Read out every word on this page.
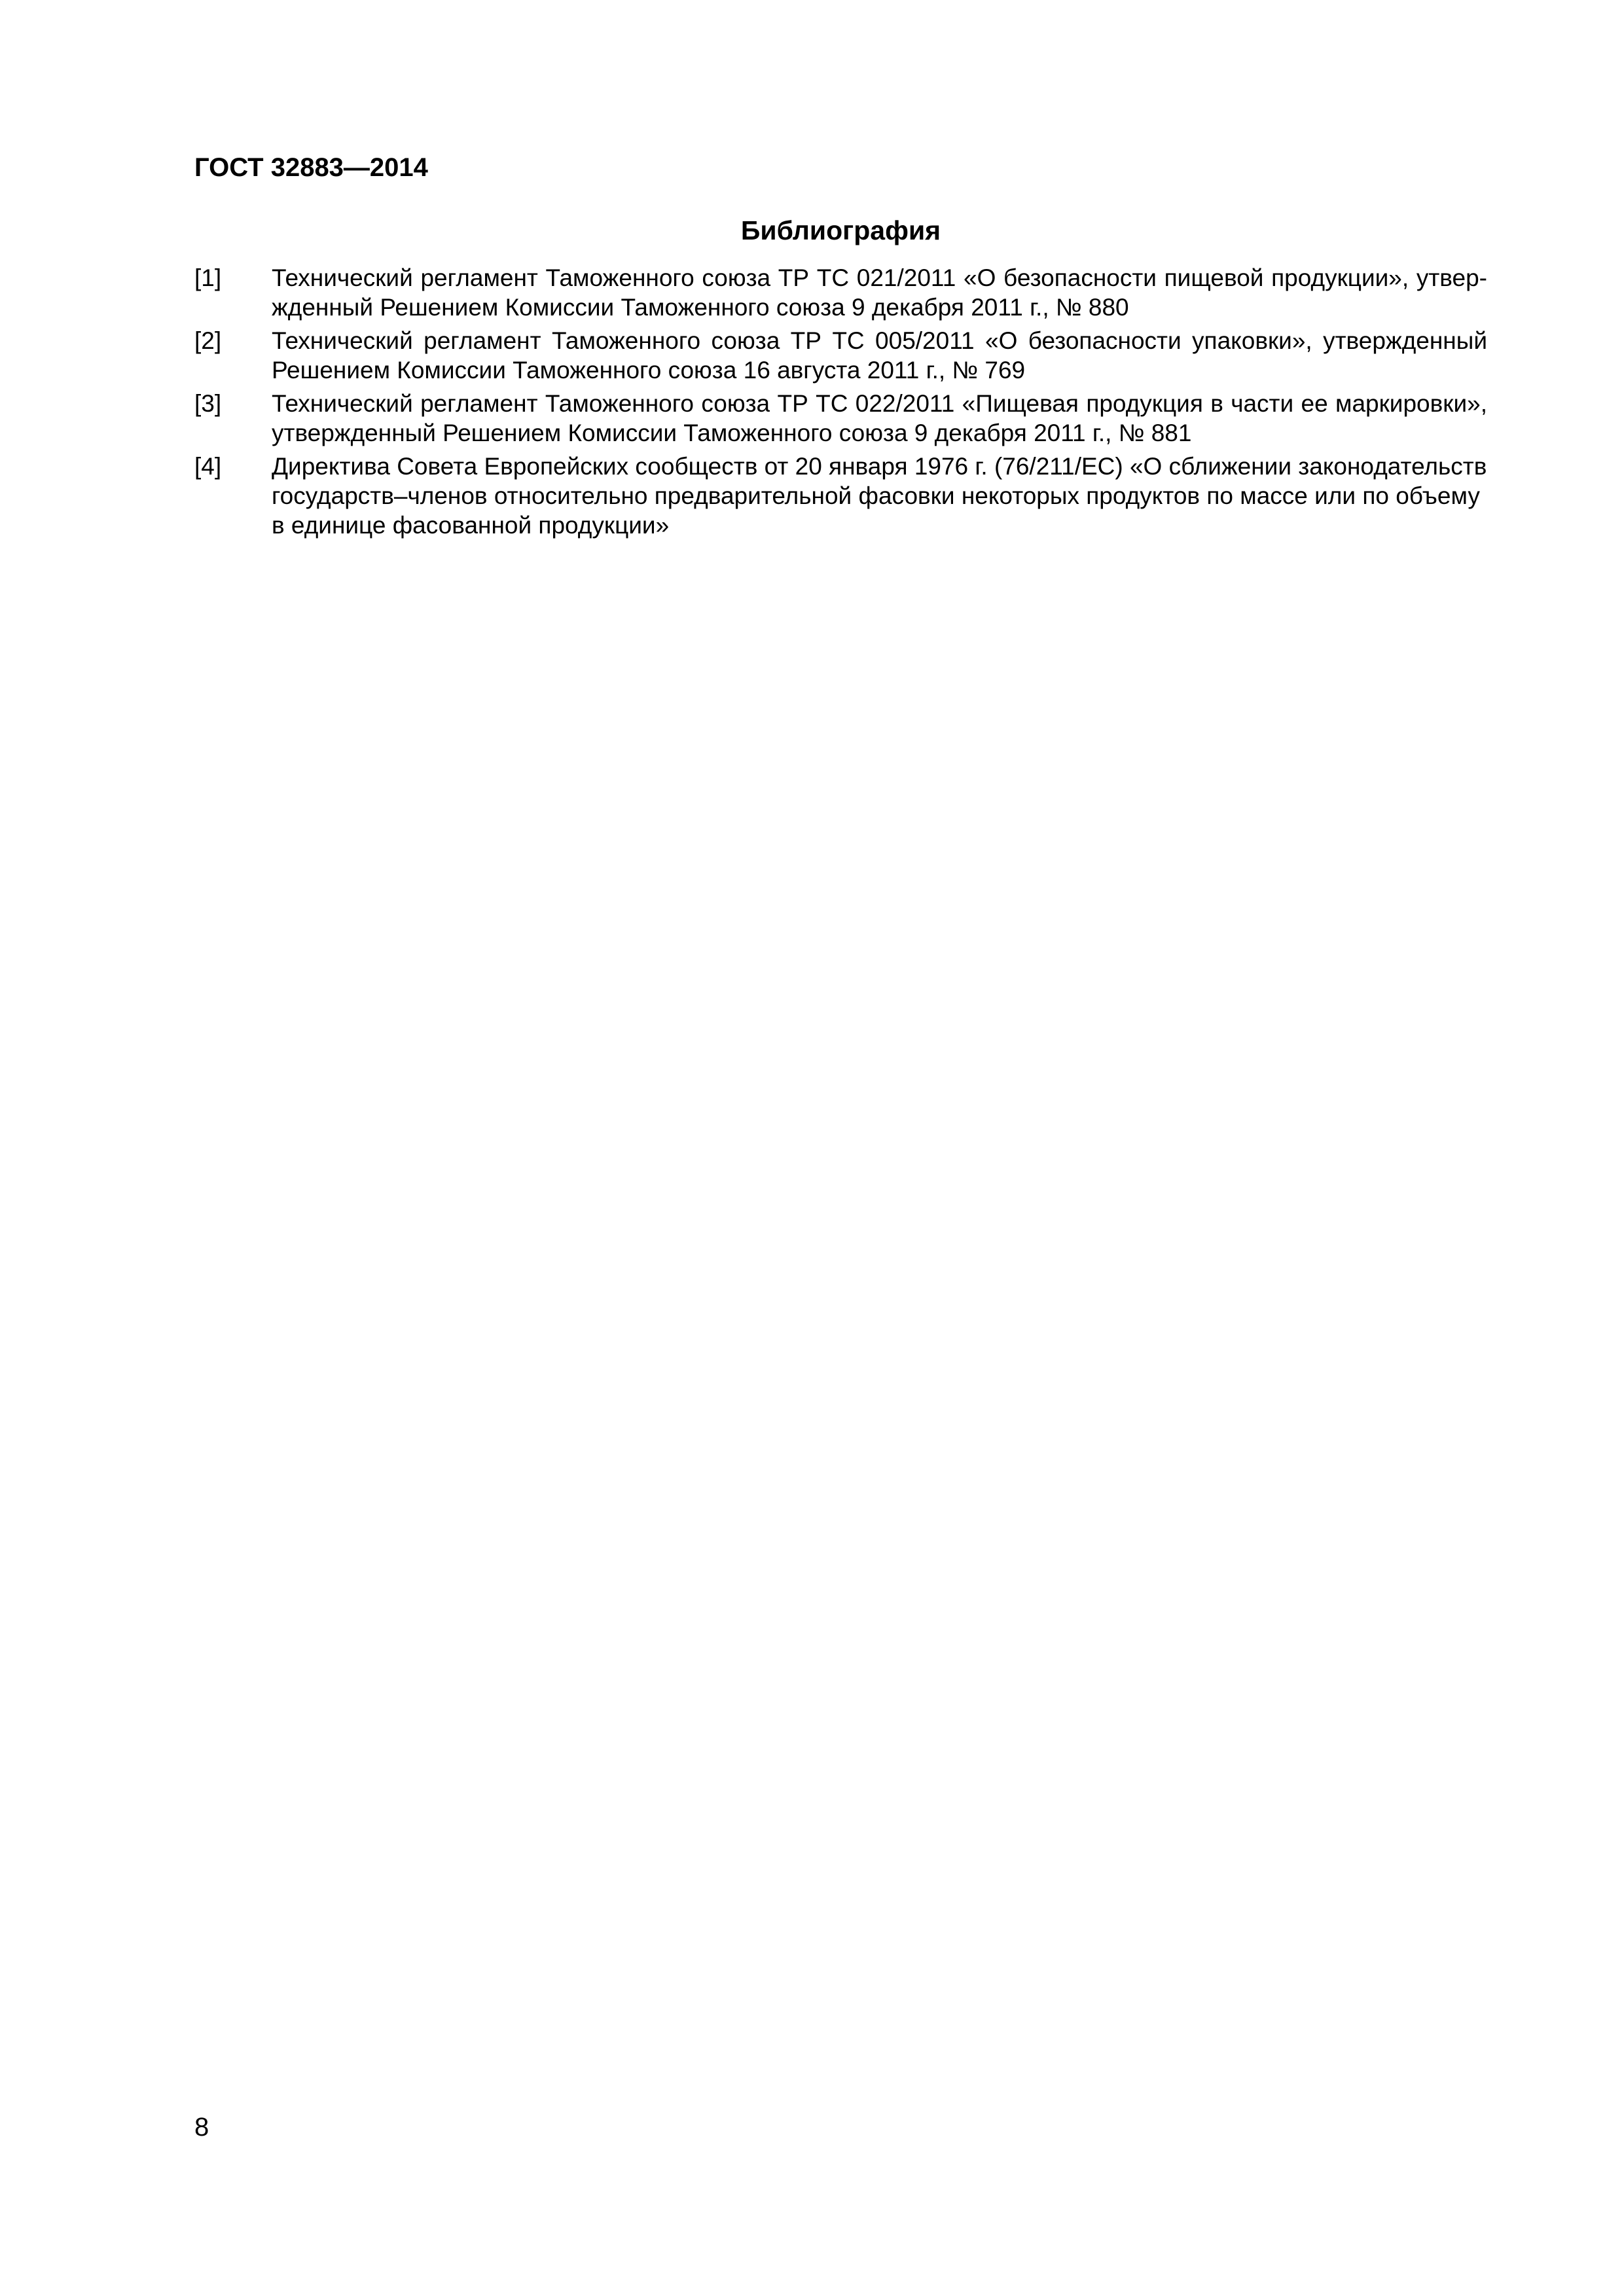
ГОСТ 32883—2014
Библиография
[1]	Технический регламент Таможенного союза ТР ТС 021/2011 «О безопасности пищевой продукции», утвер-жденный Решением Комиссии Таможенного союза 9 декабря 2011 г., № 880
[2]	Технический регламент Таможенного союза ТР ТС 005/2011 «О безопасности упаковки», утвержденный Решением Комиссии Таможенного союза 16 августа 2011 г., № 769
[3]	Технический регламент Таможенного союза ТР ТС 022/2011 «Пищевая продукция в части ее маркировки», утвержденный Решением Комиссии Таможенного союза 9 декабря 2011 г., № 881
[4]	Директива Совета Европейских сообществ от 20 января 1976 г. (76/211/ЕС) «О сближении законодательств государств–членов относительно предварительной фасовки некоторых продуктов по массе или по объему в единице фасованной продукции»
8
